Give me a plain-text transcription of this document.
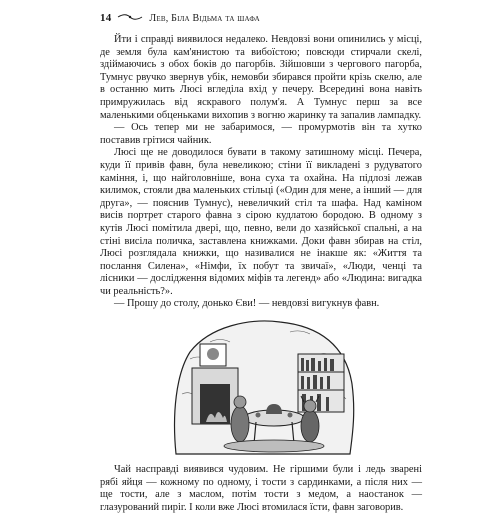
14	Лев, Біла Відьма та шафа

Йти і справді виявилося недалеко. Невдовзі вони опинились у місці, де земля була кам'янистою та вибоїстою; повсюди стирчали скелі, здіймаючись з обох боків до пагорбів. Зійшовши з чергового пагорба, Тумнус рвучко звернув убік, немовби збирався пройти крізь скелю, але в останню мить Люсі вгледіла вхід у печеру. Всередині вона навіть примружилась від яскравого полум'я. А Тумнус перш за все маленькими обценьками вихопив з вогню жаринку та запалив лампадку.

— Ось тепер ми не забаримося, — промурмотів він та хутко поставив грітися чайник.

Люсі ще не доводилося бувати в такому затишному місці. Печера, куди її привів фавн, була невеликою; стіни її викладені з рудуватого каміння, і, що найголовніше, вона суха та охайна. На підлозі лежав килимок, стояли два маленьких стільці («Один для мене, а інший — для друга», — пояснив Тумнус), невеличкий стіл та шафа. Над каміном висів портрет старого фавна з сірою кудлатою бородою. В одному з кутів Люсі помітила двері, що, певно, вели до хазяйської спальні, а на стіні висіла поличка, заставлена книжками. Доки фавн збирав на стіл, Люсі розглядала книжки, що називалися не інакше як: «Життя та послання Силена», «Німфи, їх побут та звичаї», «Люди, ченці та лісники — дослідження відомих міфів та легенд» або «Людина: вигадка чи реальність?».

— Прошу до столу, донько Єви! — невдовзі вигукнув фавн.

Чай насправді виявився чудовим. Не гіршими були і ледь зварені рябі яйця — кожному по одному, і тости з сардинками, а після них — ще тости, але з маслом, потім тости з медом, а наостанок — глазурований пиріг. І коли вже Люсі втомилася їсти, фавн заговорив.
